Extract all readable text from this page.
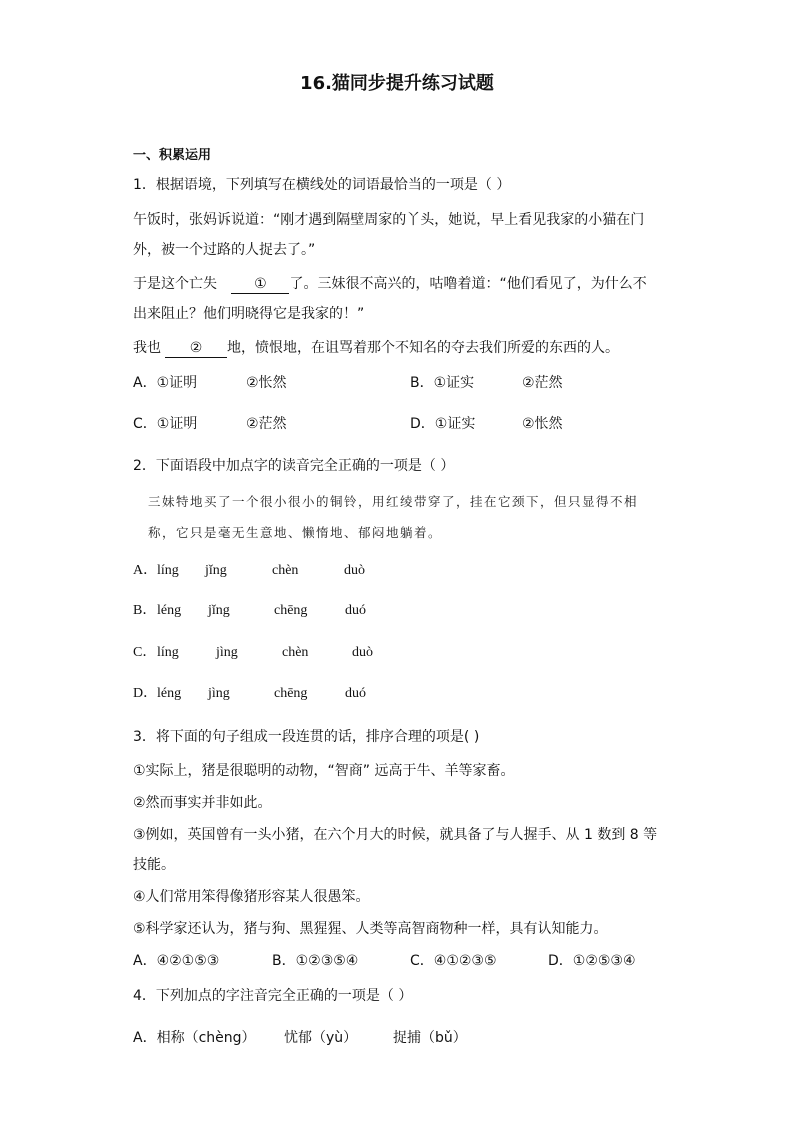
16.猫同步提升练习试题
一、积累运用
1．根据语境，下列填写在横线处的词语最恰当的一项是（ ）
午饭时，张妈诉说道：“刚才遇到隔壁周家的丫头，她说，早上看见我家的小猫在门
外，被一个过路的人捉去了。”
于是这个亡失	① 了。三妹很不高兴的，咕噜着道：“他们看见了，为什么不
出来阻止？他们明晓得它是我家的！”
我也 ② 地，愤恨地，在诅骂着那个不知名的夺去我们所爱的东西的人。
A．①证明	②怅然	B．①证实	②茫然
C．①证明	②茫然	D．①证实	②怅然
2．下面语段中加点字的读音完全正确的一项是（ ）
三妹特地买了一个很小很小的铜铃，用红绫带穿了，挂在它颈下，但只显得不相
称，它只是毫无生意地、懒惰地、郁闷地躺着。
A． líng jǐng	chèn	duò
B． léng jǐng	chēng	duó
C． líng	jìng	chèn	duò
D． léng jìng	chēng	duó
3．将下面的句子组成一段连贯的话，排序合理的项是( )
①实际上，猪是很聪明的动物，“智商” 远高于牛、羊等家畜。
②然而事实并非如此。
③例如，英国曾有一头小猪，在六个月大的时候，就具备了与人握手、从 1 数到 8 等
技能。
④人们常用笨得像猪形容某人很愚笨。
⑤科学家还认为，猪与狗、黑猩猩、人类等高智商物种一样，具有认知能力。
A．④②①⑤③	B．①②③⑤④	C．④①②③⑤	D．①②⑤③④
4．下列加点的字注音完全正确的一项是（ ）
A．相称（chèng） 忧郁（yù）	捉捕（bǔ）
